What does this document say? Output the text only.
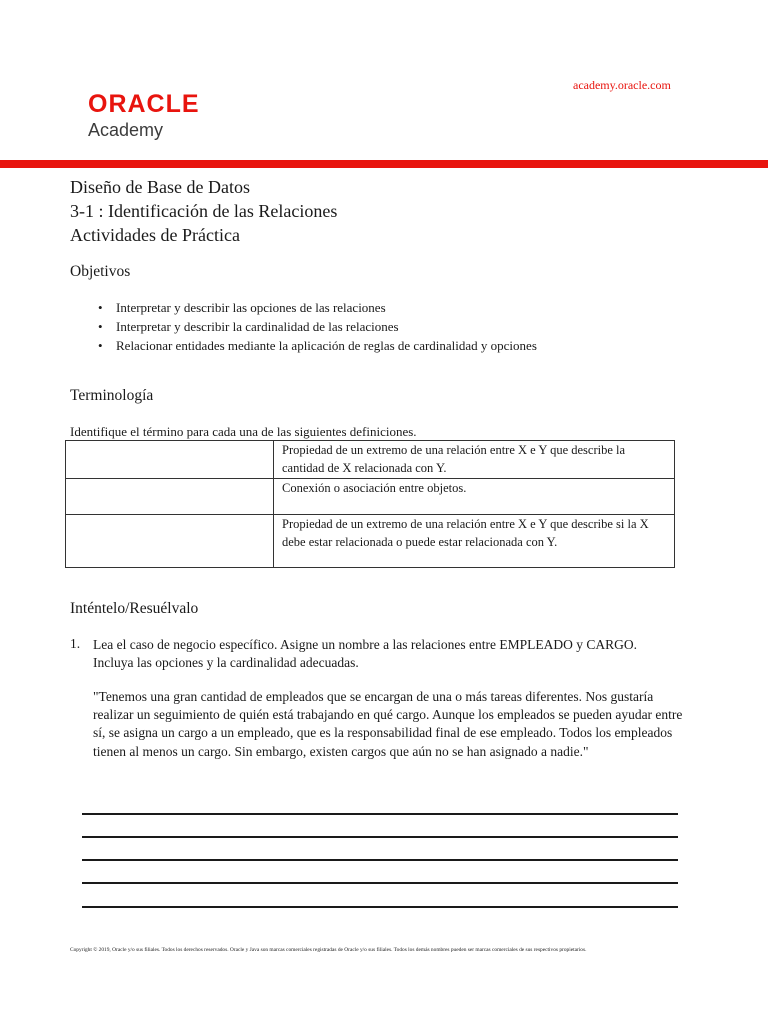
ORACLE
Academy
academy.oracle.com
Diseño de Base de Datos
3-1 : Identificación de las Relaciones
Actividades de Práctica
Objetivos
• Interpretar y describir las opciones de las relaciones
• Interpretar y describir la cardinalidad de las relaciones
• Relacionar entidades mediante la aplicación de reglas de cardinalidad y opciones
Terminología
Identifique el término para cada una de las siguientes definiciones.
	Propiedad de un extremo de una relación entre X e Y que describe la cantidad de X relacionada con Y.
	Conexión o asociación entre objetos.
	Propiedad de un extremo de una relación entre X e Y que describe si la X debe estar relacionada o puede estar relacionada con Y.
Inténtelo/Resuélvalo
1. Lea el caso de negocio específico. Asigne un nombre a las relaciones entre EMPLEADO y CARGO. Incluya las opciones y la cardinalidad adecuadas.
"Tenemos una gran cantidad de empleados que se encargan de una o más tareas diferentes. Nos gustaría realizar un seguimiento de quién está trabajando en qué cargo. Aunque los empleados se pueden ayudar entre sí, se asigna un cargo a un empleado, que es la responsabilidad final de ese empleado. Todos los empleados tienen al menos un cargo. Sin embargo, existen cargos que aún no se han asignado a nadie."
Copyright © 2019, Oracle y/o sus filiales. Todos los derechos reservados. Oracle y Java son marcas comerciales registradas de Oracle y/o sus filiales. Todos los demás nombres pueden ser marcas comerciales de sus respectivos propietarios.
